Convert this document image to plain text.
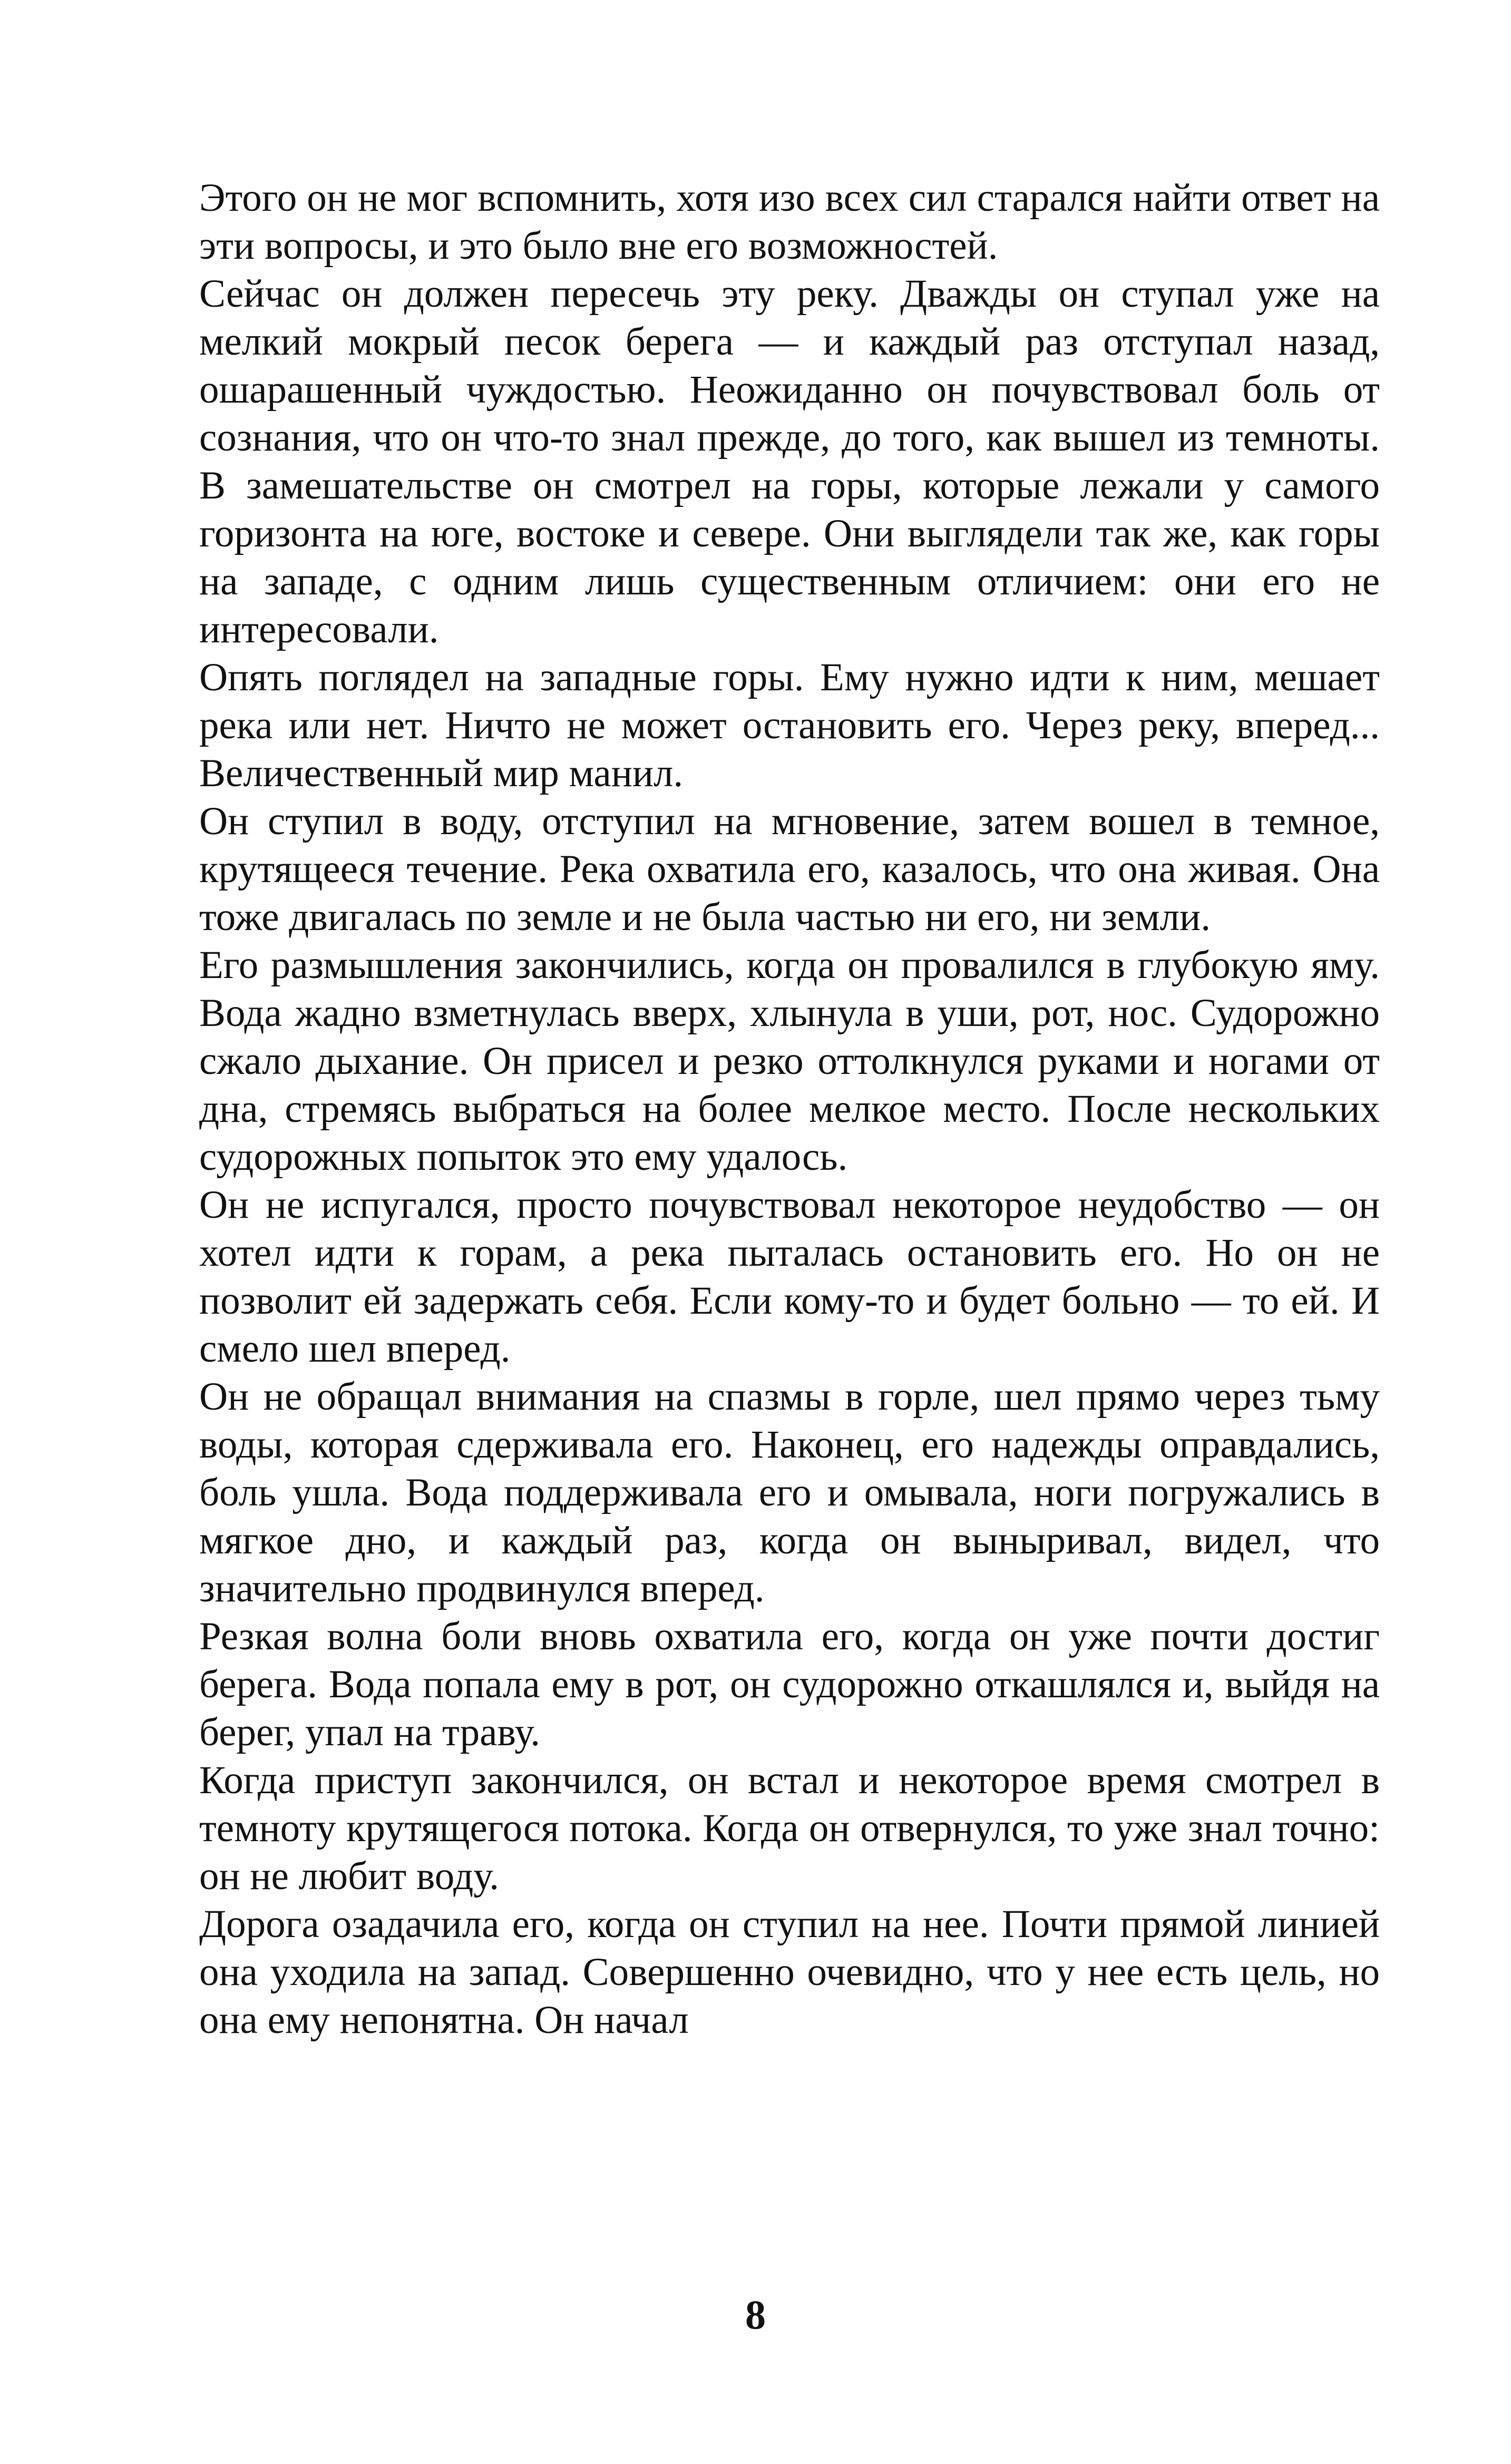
Этого он не мог вспомнить, хотя изо всех сил старался найти ответ на эти вопросы, и это было вне его возможностей.

Сейчас он должен пересечь эту реку. Дважды он ступал уже на мелкий мокрый песок берега — и каждый раз отступал назад, ошарашенный чуждостью. Неожиданно он почувствовал боль от сознания, что он что-то знал прежде, до того, как вышел из темноты. В замешательстве он смотрел на горы, которые лежали у самого горизонта на юге, востоке и севере. Они выглядели так же, как горы на западе, с одним лишь существенным отличием: они его не интересовали.

Опять поглядел на западные горы. Ему нужно идти к ним, мешает река или нет. Ничто не может остановить его. Через реку, вперед... Величественный мир манил.

Он ступил в воду, отступил на мгновение, затем вошел в темное, крутящееся течение. Река охватила его, казалось, что она живая. Она тоже двигалась по земле и не была частью ни его, ни земли.

Его размышления закончились, когда он провалился в глубокую яму. Вода жадно взметнулась вверх, хлынула в уши, рот, нос. Судорожно сжало дыхание. Он присел и резко оттолкнулся руками и ногами от дна, стремясь выбраться на более мелкое место. После нескольких судорожных попыток это ему удалось.

Он не испугался, просто почувствовал некоторое неудобство — он хотел идти к горам, а река пыталась остановить его. Но он не позволит ей задержать себя. Если кому-то и будет больно — то ей. И смело шел вперед.

Он не обращал внимания на спазмы в горле, шел прямо через тьму воды, которая сдерживала его. Наконец, его надежды оправдались, боль ушла. Вода поддерживала его и омывала, ноги погружались в мягкое дно, и каждый раз, когда он выныривал, видел, что значительно продвинулся вперед.

Резкая волна боли вновь охватила его, когда он уже почти достиг берега. Вода попала ему в рот, он судорожно откашлялся и, выйдя на берег, упал на траву.

Когда приступ закончился, он встал и некоторое время смотрел в темноту крутящегося потока. Когда он отвернулся, то уже знал точно: он не любит воду.

Дорога озадачила его, когда он ступил на нее. Почти прямой линией она уходила на запад. Совершенно очевидно, что у нее есть цель, но она ему непонятна. Он начал

8
